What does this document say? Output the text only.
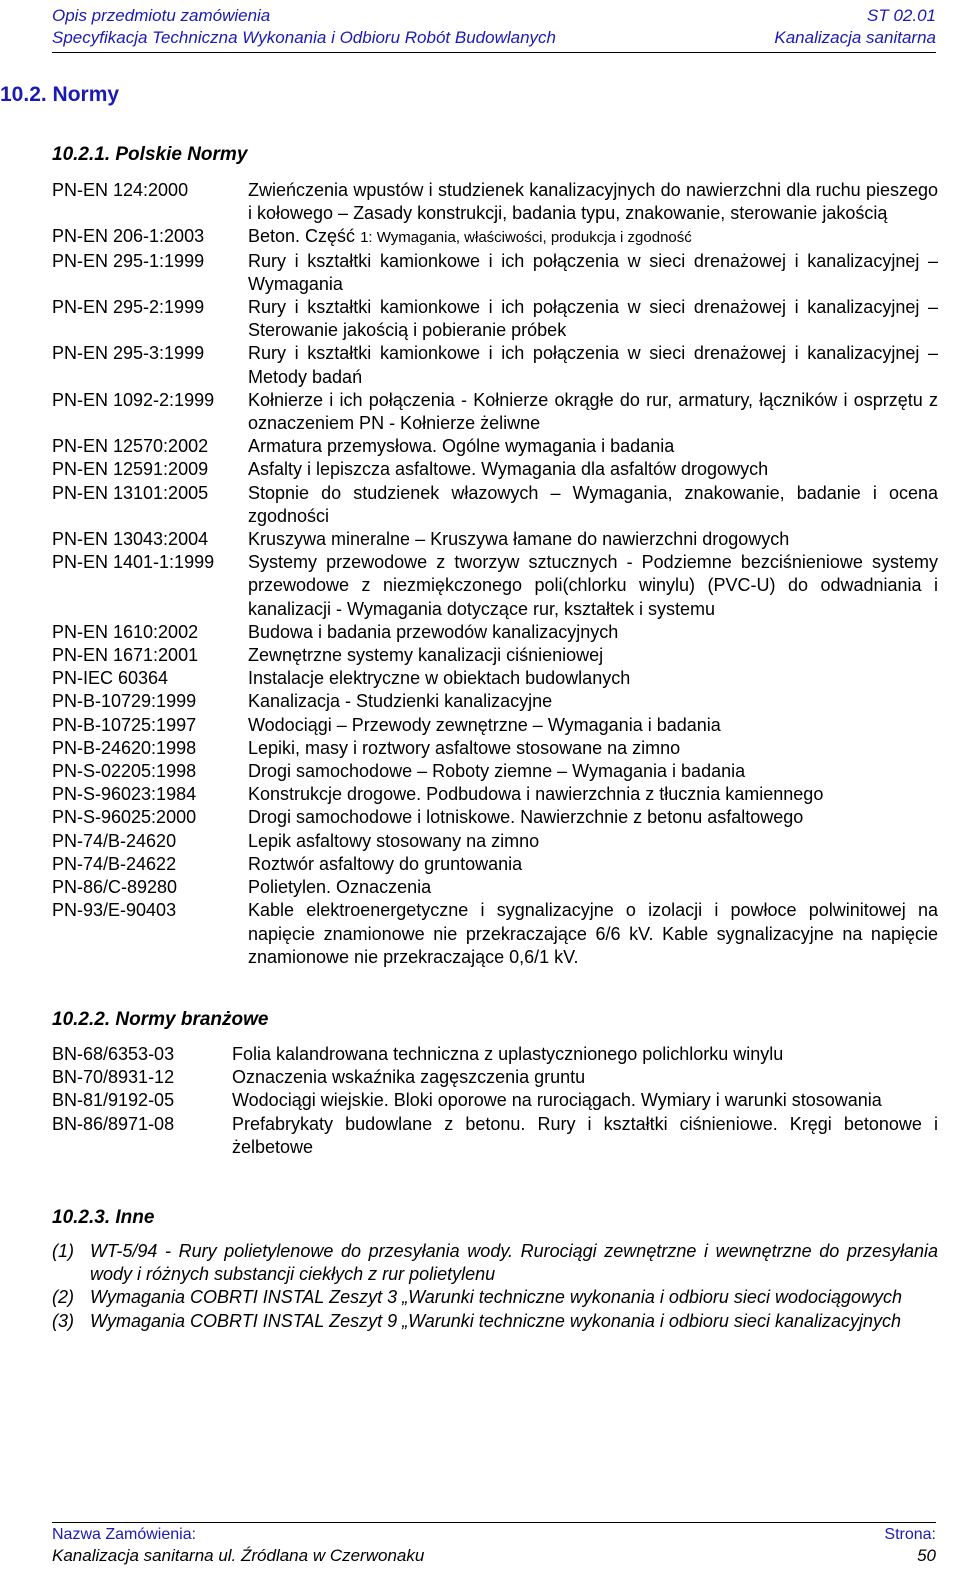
Opis przedmiotu zamówienia	ST 02.01
Specyfikacja Techniczna Wykonania i Odbioru Robót Budowlanych	Kanalizacja sanitarna
10.2. Normy
10.2.1. Polskie Normy
PN-EN 124:2000	Zwieńczenia wpustów i studzienek kanalizacyjnych do nawierzchni dla ruchu pieszego i kołowego – Zasady konstrukcji, badania typu, znakowanie, sterowanie jakością
PN-EN 206-1:2003	Beton. Część 1: Wymagania, właściwości, produkcja i zgodność
PN-EN 295-1:1999	Rury i kształtki kamionkowe i ich połączenia w sieci drenażowej i kanalizacyjnej – Wymagania
PN-EN 295-2:1999	Rury i kształtki kamionkowe i ich połączenia w sieci drenażowej i kanalizacyjnej – Sterowanie jakością i pobieranie próbek
PN-EN 295-3:1999	Rury i kształtki kamionkowe i ich połączenia w sieci drenażowej i kanalizacyjnej – Metody badań
PN-EN 1092-2:1999	Kołnierze i ich połączenia - Kołnierze okrągłe do rur, armatury, łączników i osprzętu z oznaczeniem PN - Kołnierze żeliwne
PN-EN 12570:2002	Armatura przemysłowa. Ogólne wymagania i badania
PN-EN 12591:2009	Asfalty i lepiszcza asfaltowe. Wymagania dla asfaltów drogowych
PN-EN 13101:2005	Stopnie do studzienek włazowych – Wymagania, znakowanie, badanie i ocena zgodności
PN-EN 13043:2004	Kruszywa mineralne – Kruszywa łamane do nawierzchni drogowych
PN-EN 1401-1:1999	Systemy przewodowe z tworzyw sztucznych - Podziemne bezciśnieniowe systemy przewodowe z niezmiękczonego poli(chlorku winylu) (PVC-U) do odwadniania i kanalizacji - Wymagania dotyczące rur, kształtek i systemu
PN-EN 1610:2002	Budowa i badania przewodów kanalizacyjnych
PN-EN 1671:2001	Zewnętrzne systemy kanalizacji ciśnieniowej
PN-IEC 60364	Instalacje elektryczne w obiektach budowlanych
PN-B-10729:1999	Kanalizacja - Studzienki kanalizacyjne
PN-B-10725:1997	Wodociągi – Przewody zewnętrzne – Wymagania i badania
PN-B-24620:1998	Lepiki, masy i roztwory asfaltowe stosowane na zimno
PN-S-02205:1998	Drogi samochodowe – Roboty ziemne – Wymagania i badania
PN-S-96023:1984	Konstrukcje drogowe. Podbudowa i nawierzchnia z tłucznia kamiennego
PN-S-96025:2000	Drogi samochodowe i lotniskowe. Nawierzchnie z betonu asfaltowego
PN-74/B-24620	Lepik asfaltowy stosowany na zimno
PN-74/B-24622	Roztwór asfaltowy do gruntowania
PN-86/C-89280	Polietylen. Oznaczenia
PN-93/E-90403	Kable elektroenergetyczne i sygnalizacyjne o izolacji i powłoce polwinitowej na napięcie znamionowe nie przekraczające 6/6 kV. Kable sygnalizacyjne na napięcie znamionowe nie przekraczające 0,6/1 kV.
10.2.2. Normy branżowe
BN-68/6353-03	Folia kalandrowana techniczna z uplastycznionego polichlorku winylu
BN-70/8931-12	Oznaczenia wskaźnika zagęszczenia gruntu
BN-81/9192-05	Wodociągi wiejskie. Bloki oporowe na rurociągach. Wymiary i warunki stosowania
BN-86/8971-08	Prefabrykaty budowlane z betonu. Rury i kształtki ciśnieniowe. Kręgi betonowe i żelbetowe
10.2.3. Inne
(1) WT-5/94 - Rury polietylenowe do przesyłania wody. Rurociągi zewnętrzne i wewnętrzne do przesyłania wody i różnych substancji ciekłych z rur polietylenu
(2) Wymagania COBRTI INSTAL Zeszyt 3 „Warunki techniczne wykonania i odbioru sieci wodociągowych
(3) Wymagania COBRTI INSTAL Zeszyt 9 „Warunki techniczne wykonania i odbioru sieci kanalizacyjnych
Nazwa Zamówienia:	Strona:
Kanalizacja sanitarna ul. Źródlana w Czerwonaku	50
